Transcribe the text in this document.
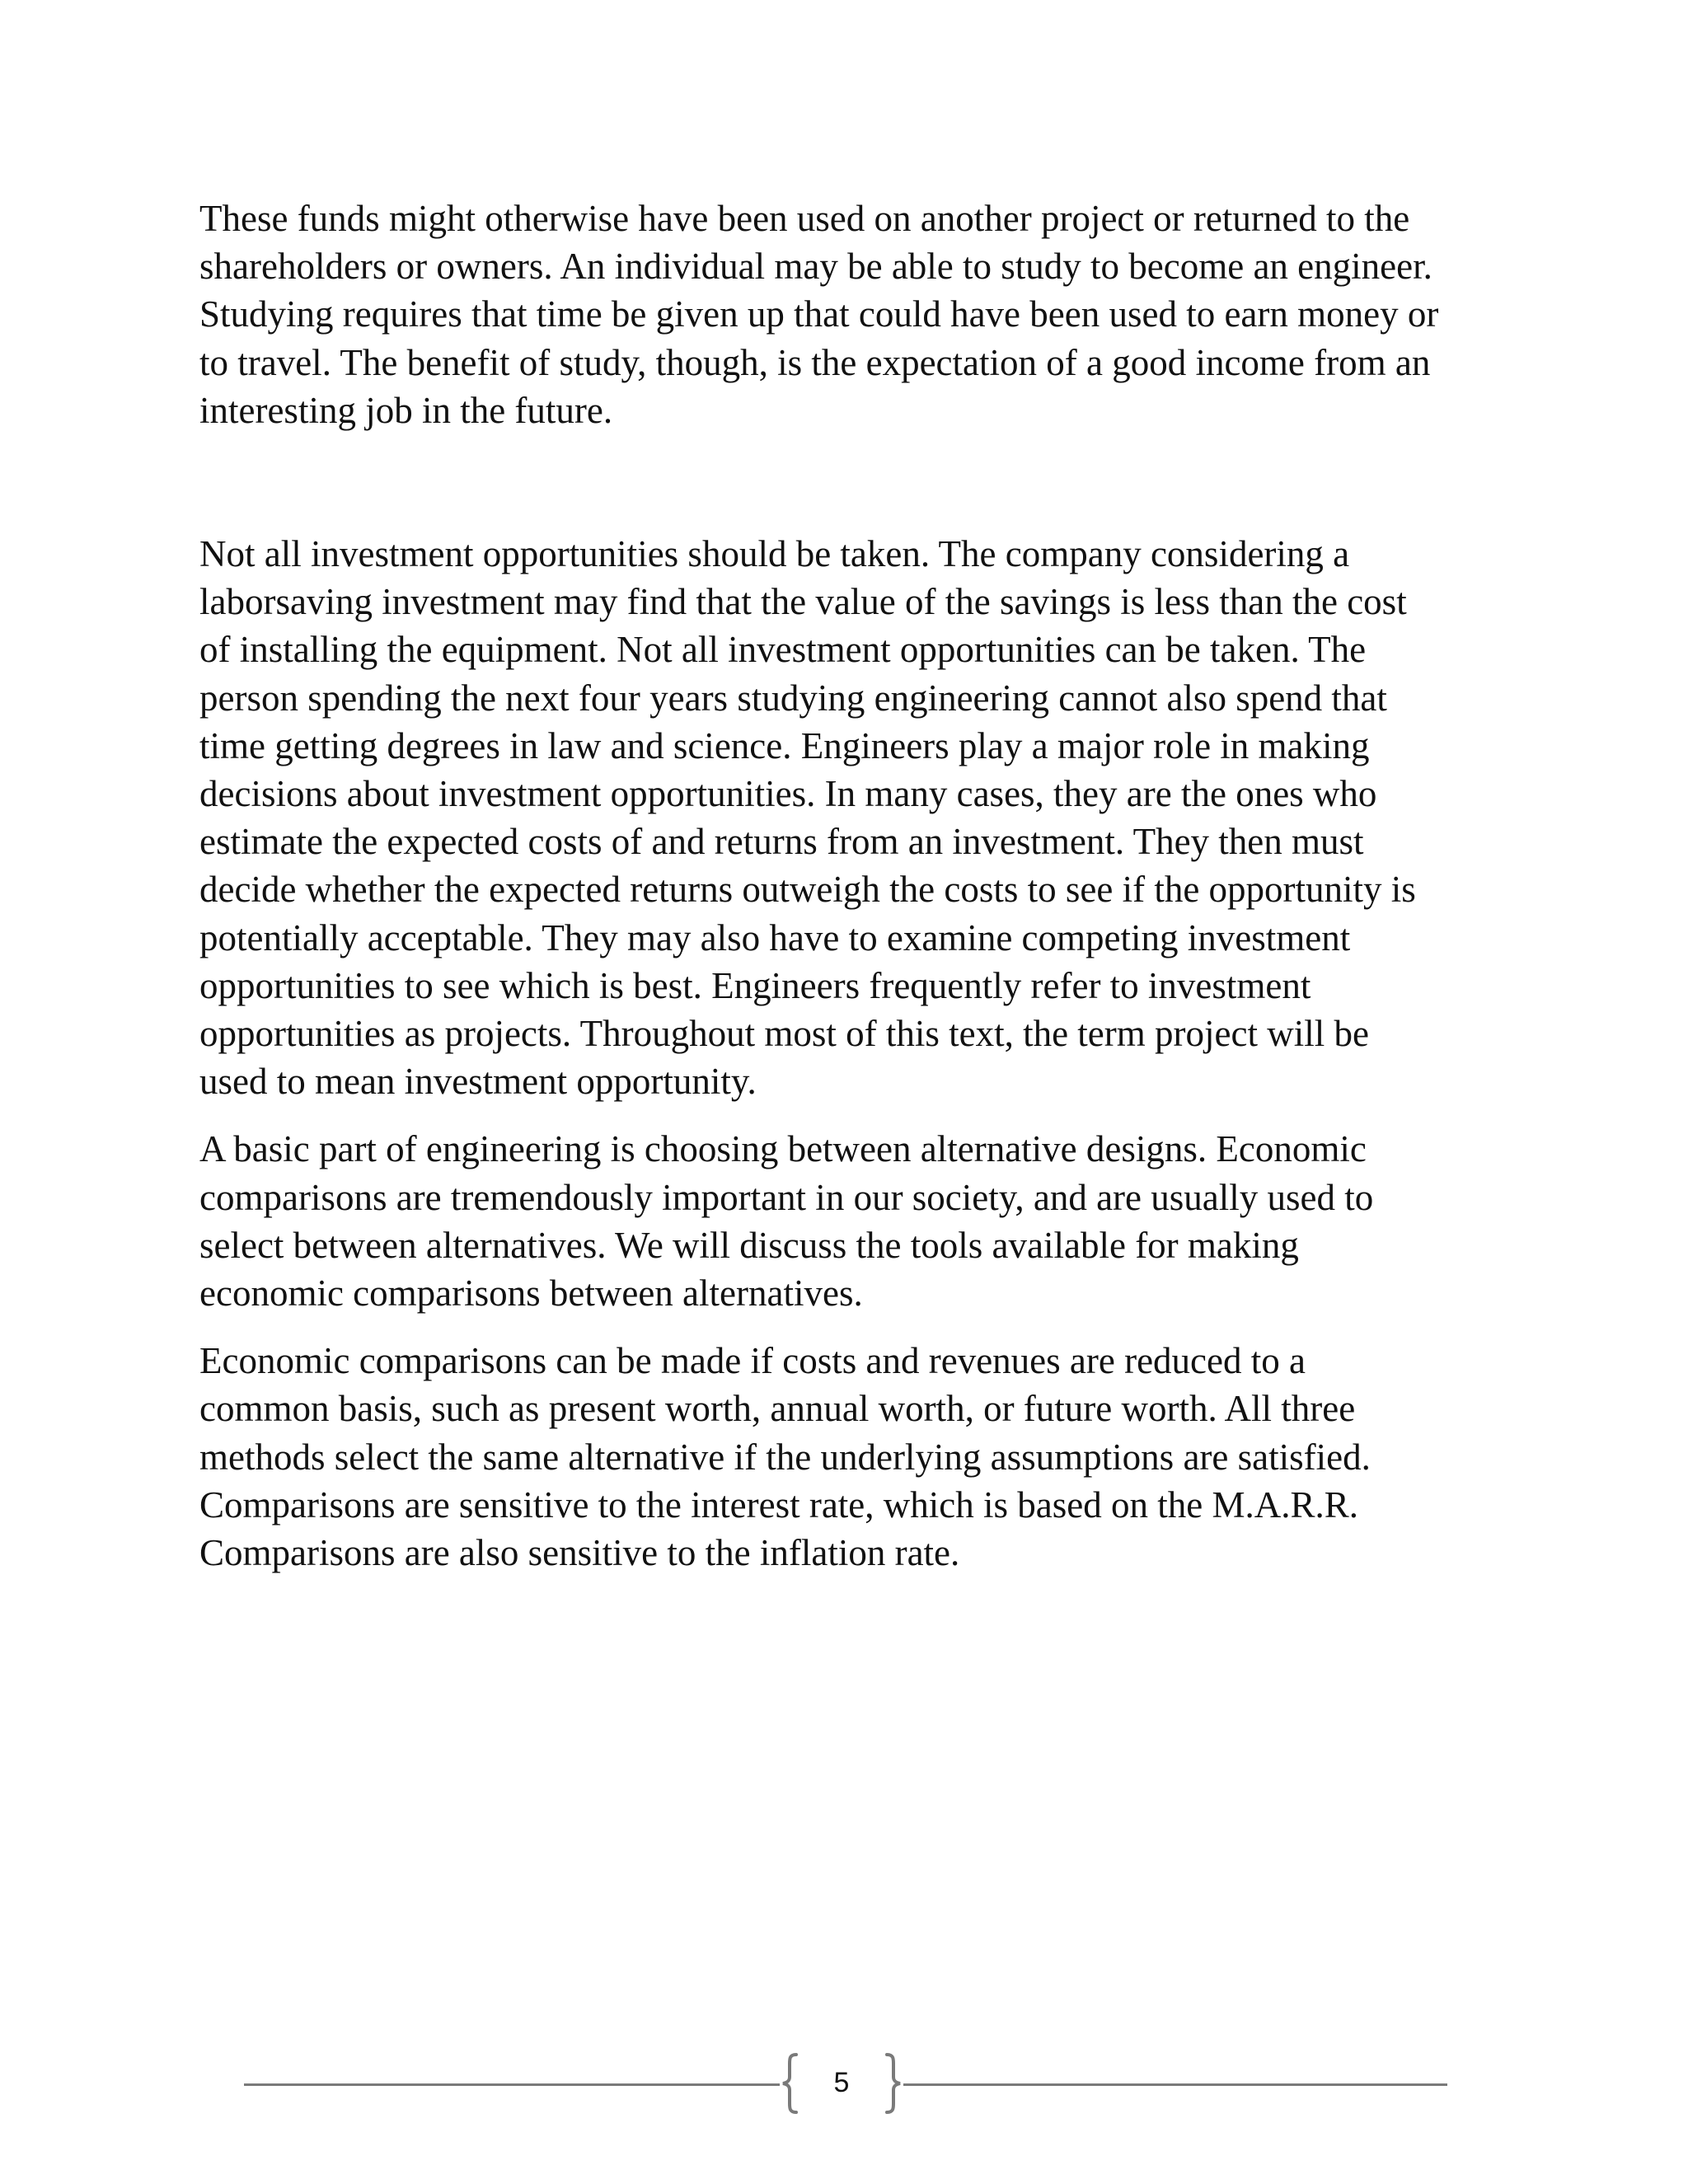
These funds might otherwise have been used on another project or returned to the
shareholders or owners. An individual may be able to study to become an engineer.
Studying requires that time be given up that could have been used to earn money or
to travel. The benefit of study, though, is the expectation of a good income from an
interesting job in the future.

Not all investment opportunities should be taken. The company considering a
laborsaving investment may find that the value of the savings is less than the cost
of installing the equipment. Not all investment opportunities can be taken. The
person spending the next four years studying engineering cannot also spend that
time getting degrees in law and science. Engineers play a major role in making
decisions about investment opportunities. In many cases, they are the ones who
estimate the expected costs of and returns from an investment. They then must
decide whether the expected returns outweigh the costs to see if the opportunity is
potentially acceptable. They may also have to examine competing investment
opportunities to see which is best. Engineers frequently refer to investment
opportunities as projects. Throughout most of this text, the term project will be
used to mean investment opportunity.

A basic part of engineering is choosing between alternative designs. Economic
comparisons are tremendously important in our society, and are usually used to
select between alternatives. We will discuss the tools available for making
economic comparisons between alternatives.

Economic comparisons can be made if costs and revenues are reduced to a
common basis, such as present worth, annual worth, or future worth. All three
methods select the same alternative if the underlying assumptions are satisfied.
Comparisons are sensitive to the interest rate, which is based on the M.A.R.R.
Comparisons are also sensitive to the inflation rate.

5
